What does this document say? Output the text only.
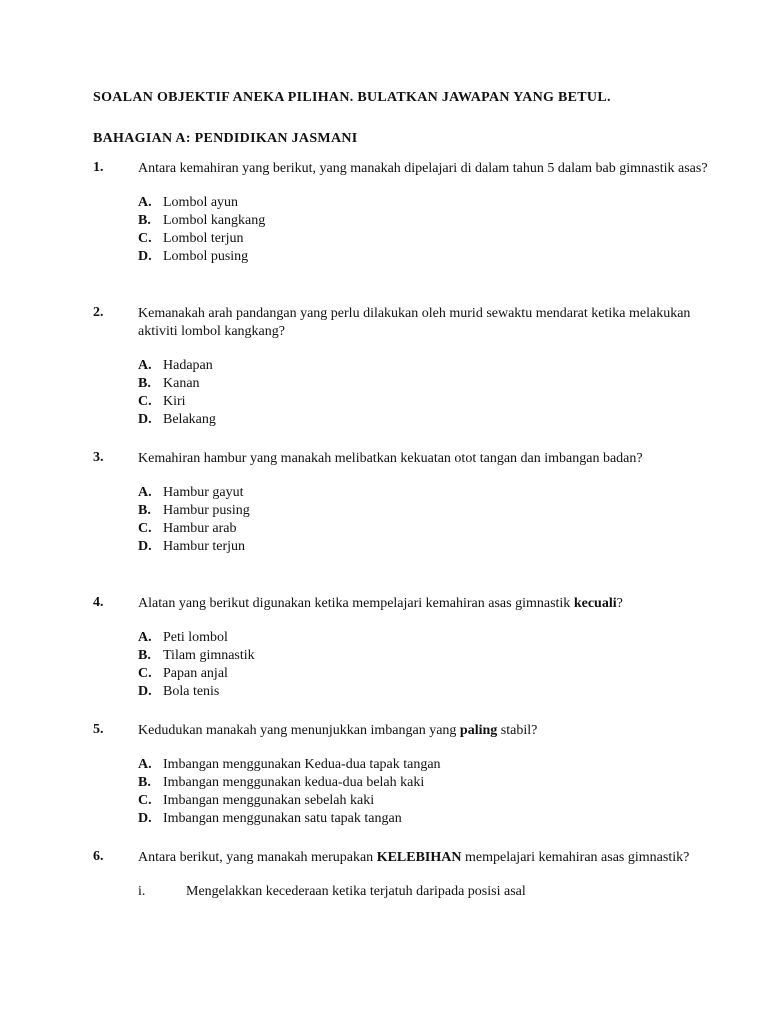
SOALAN OBJEKTIF ANEKA PILIHAN. BULATKAN JAWAPAN YANG BETUL.

BAHAGIAN A: PENDIDIKAN JASMANI

1. Antara kemahiran yang berikut, yang manakah dipelajari di dalam tahun 5 dalam bab gimnastik asas?
A. Lombol ayun
B. Lombol kangkang
C. Lombol terjun
D. Lombol pusing
2. Kemanakah arah pandangan yang perlu dilakukan oleh murid sewaktu mendarat ketika melakukan aktiviti lombol kangkang?
A. Hadapan
B. Kanan
C. Kiri
D. Belakang
3. Kemahiran hambur yang manakah melibatkan kekuatan otot tangan dan imbangan badan?
A. Hambur gayut
B. Hambur pusing
C. Hambur arab
D. Hambur terjun
4. Alatan yang berikut digunakan ketika mempelajari kemahiran asas gimnastik kecuali?
A. Peti lombol
B. Tilam gimnastik
C. Papan anjal
D. Bola tenis
5. Kedudukan manakah yang menunjukkan imbangan yang paling stabil?
A. Imbangan menggunakan Kedua-dua tapak tangan
B. Imbangan menggunakan kedua-dua belah kaki
C. Imbangan menggunakan sebelah kaki
D. Imbangan menggunakan satu tapak tangan
6. Antara berikut, yang manakah merupakan KELEBIHAN mempelajari kemahiran asas gimnastik?
i.	Mengelakkan kecederaan ketika terjatuh daripada posisi asal
